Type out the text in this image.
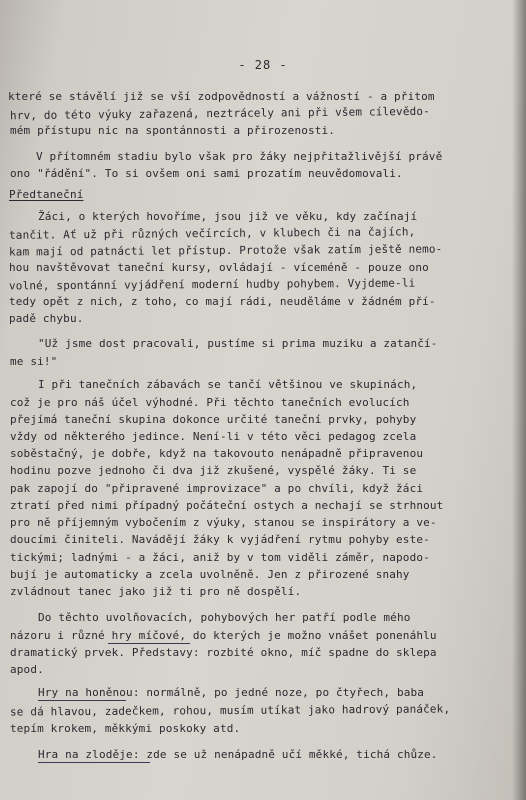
- 28 -
které se stávělí již se vší zodpovědností a vážností - a přitom
hrv, do této výuky zařazená, neztrácely ani při všem cílevědo-
mém přístupu nic na spontánnosti a přirozenosti.
V přítomném stadiu bylo však pro žáky nejpřitažlivější právě
ono "řádění". To si ovšem oni sami prozatím neuvědomovali.
Předtaneční
Žáci, o kterých hovoříme, jsou již ve věku, kdy začínají
tančit. Ať už při různých večírcích, v klubech či na čajích,
kam mají od patnácti let přístup. Protože však zatím ještě nemo-
hou navštěvovat taneční kursy, ovládají - víceméně - pouze ono
volné, spontánní vyjádření moderní hudby pohybem. Vyjdeme-li
tedy opět z nich, z toho, co mají rádi, neuděláme v žádném pří-
padě chybu.
"Už jsme dost pracovali, pustíme si prima muziku a zatančí-
me si!"
I při tanečních zábavách se tančí většinou ve skupinách,
což je pro náš účel výhodné. Při těchto tanečních evolucích
přejímá taneční skupina dokonce určité taneční prvky, pohyby
vždy od některého jedince. Není-li v této věci pedagog zcela
soběstačný, je dobře, když na takovouto nenápadně připravenou
hodinu pozve jednoho či dva již zkušené, vyspělé žáky. Ti se
pak zapojí do "připravené improvizace" a po chvíli, když žáci
ztratí před nimi případný počáteční ostych a nechají se strhnout
pro ně příjemným vybočením z výuky, stanou se inspirátory a ve-
doucími činiteli. Navádějí žáky k vyjádření rytmu pohyby este-
tickými; ladnými - a žáci, aniž by v tom viděli záměr, napodo-
bují je automaticky a zcela uvolněně. Jen z přirozené snahy
zvládnout tanec jako již ti pro ně dospělí.
Do těchto uvolňovacích, pohybových her patří podle mého
názoru i různé hry míčové, do kterých je možno vnášet ponenáhlu
dramatický prvek. Představy: rozbité okno, míč spadne do sklepa
apod.
Hry na honěnou: normálně, po jedné noze, po čtyřech, baba
se dá hlavou, zadečkem, rohou, musím utíkat jako hadrový panáček,
tepím krokem, měkkými poskoky atd.
Hra na zloděje: zde se už nenápadně učí měkké, tichá chůze.
